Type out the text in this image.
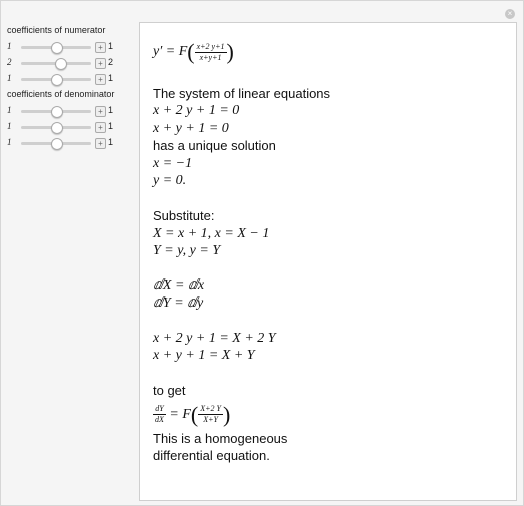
×
coefficients of numerator
1	+ 1
2	+ 2
1	+ 1
coefficients of denominator
1	+ 1
1	+ 1
1	+ 1
$y' = F( \frac{x+2 y+1}{x+y+1}$ )
The system of linear equations
x + 2 y + 1 = 0
x + y + 1 = 0
has a unique solution
x = −1
y = 0.
Substitute:
X = x + 1, x = X − 1
Y = y, y = Y
ⅆX = ⅆx
ⅆY = ⅆy
x + 2 y + 1 = X + 2 Y
x + y + 1 = X + Y
to get
$\frac{dY}{dX} = F( \frac{X+2 Y}{X+Y}$ )
This is a homogeneous
differential equation.
